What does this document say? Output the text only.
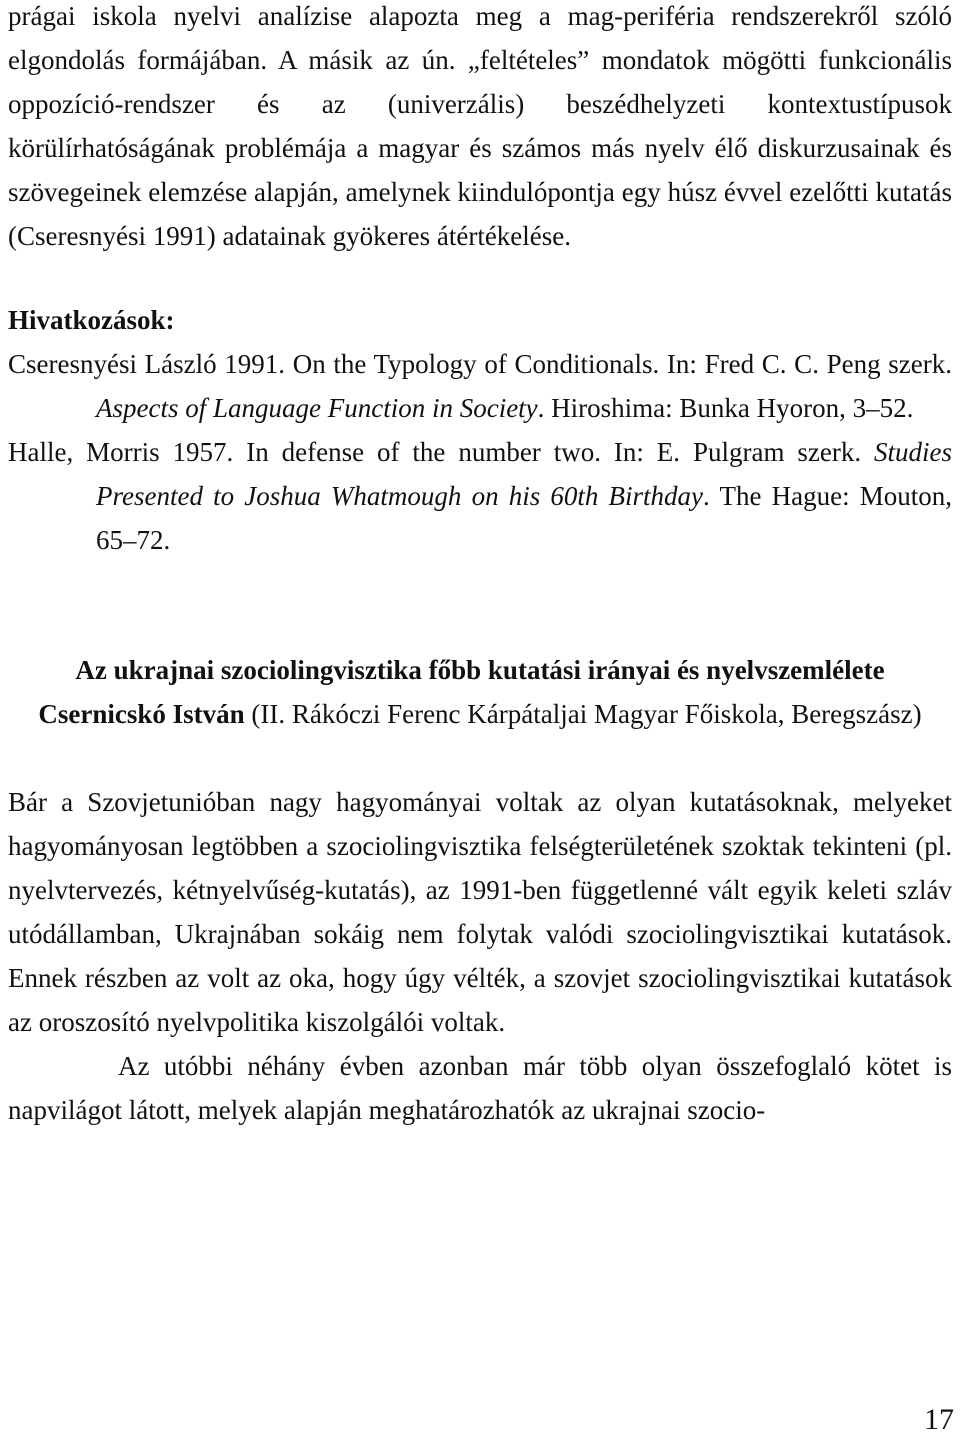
prágai iskola nyelvi analízise alapozta meg a mag-periféria rendszerekről szóló elgondolás formájában. A másik az ún. „feltételes” mondatok mögötti funkcionális oppozíció-rendszer és az (univerzális) beszédhelyzeti kontextustípusok körülírhatóságának problémája a magyar és számos más nyelv élő diskurzusainak és szövegeinek elemzése alapján, amelynek kiindulópontja egy húsz évvel ezelőtti kutatás (Cseresnyési 1991) adatainak gyökeres átértékelése.

Hivatkozások:

Cseresnyési László 1991. On the Typology of Conditionals. In: Fred C. C. Peng szerk. Aspects of Language Function in Society. Hiroshima: Bunka Hyoron, 3–52.

Halle, Morris 1957. In defense of the number two. In: E. Pulgram szerk. Studies Presented to Joshua Whatmough on his 60th Birthday. The Hague: Mouton, 65–72.

Az ukrajnai szociolingvisztika főbb kutatási irányai és nyelvszemlélete

Csernicskó István (II. Rákóczi Ferenc Kárpátaljai Magyar Főiskola, Beregszász)

Bár a Szovjetunióban nagy hagyományai voltak az olyan kutatásoknak, melyeket hagyományosan legtöbben a szociolingvisztika felségterületének szoktak tekinteni (pl. nyelvtervezés, kétnyelvűség-kutatás), az 1991-ben függetlenné vált egyik keleti szláv utódállamban, Ukrajnában sokáig nem folytak valódi szociolingvisztikai kutatások. Ennek részben az volt az oka, hogy úgy vélték, a szovjet szociolingvisztikai kutatások az oroszosító nyelvpolitika kiszolgálói voltak.

Az utóbbi néhány évben azonban már több olyan összefoglaló kötet is napvilágot látott, melyek alapján meghatározhatók az ukrajnai szocio-

17
